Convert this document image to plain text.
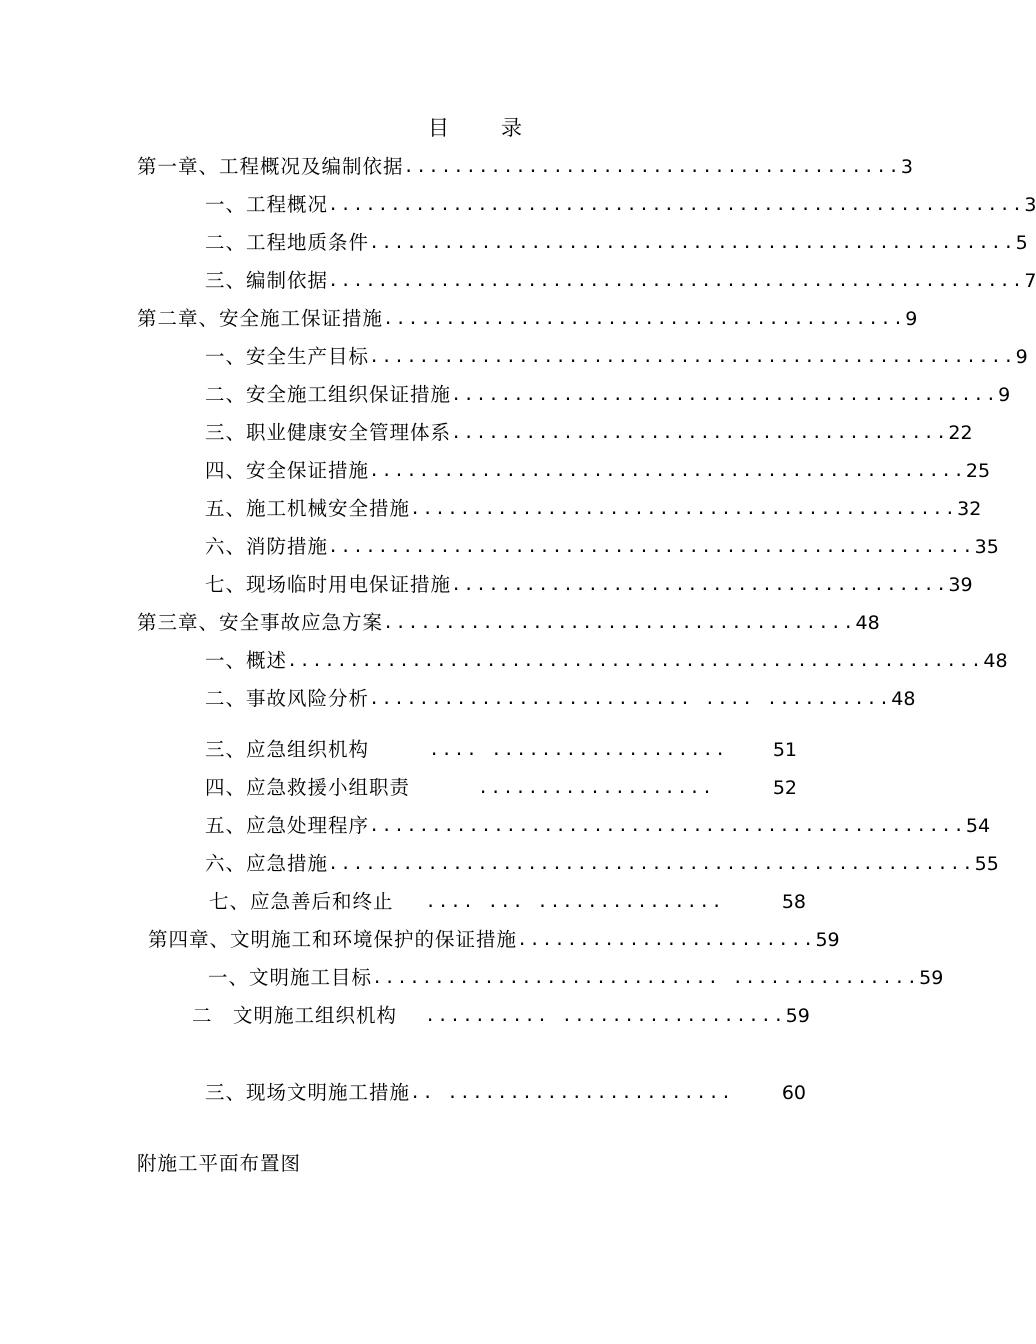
目 录
第一章、工程概况及编制依据 ........................................ 3
一、工程概况 ........................................................ 3
二、工程地质条件 .................................................... 5
三、编制依据 ........................................................ 7
第二章、安全施工保证措施 .......................................... 9
一、安全生产目标 .................................................... 9
二、安全施工组织保证措施 ............................................ 9
三、职业健康安全管理体系 ........................................ 22
四、安全保证措施 ................................................ 25
五、施工机械安全措施 ............................................ 32
六、消防措施 .................................................... 35
七、现场临时用电保证措施 ........................................ 39
第三章、安全事故应急方案 ...................................... 48
一、概述 ........................................................ 48
二、事故风险分析 .......................... .... .......... 48
三、应急组织机构	.... ...................	51
四、应急救援小组职责	...................	52
五、应急处理程序 ................................................ 54
六、应急措施 .................................................... 55
七、应急善后和终止 .... ... ...............	58
第四章、文明施工和环境保护的保证措施 ........................ 59
一、文明施工目标 ............................ ............... 59
二　文明施工组织机构 .......... .................. 59
三、现场文明施工措施 .. .......................	60
附施工平面布置图
